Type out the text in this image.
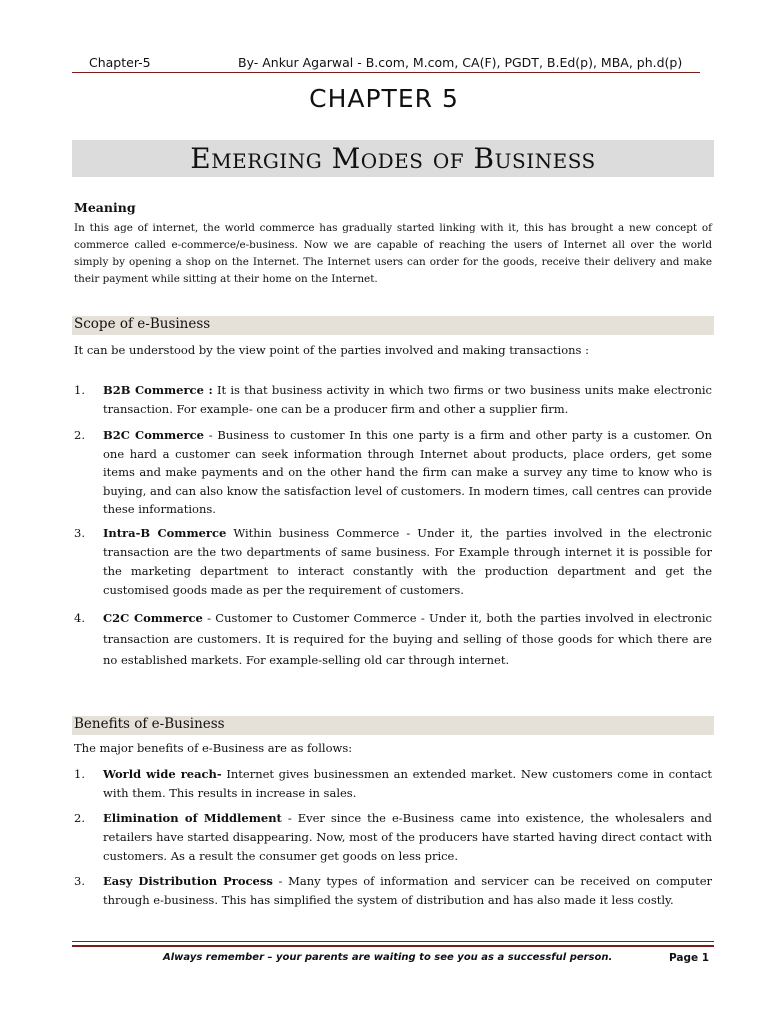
Chapter-5	By- Ankur Agarwal - B.com, M.com, CA(F), PGDT, B.Ed(p), MBA, ph.d(p)
CHAPTER 5
Emerging Modes of Business
Meaning
In this age of internet, the world commerce has gradually started linking with it, this has brought a new concept of commerce called e-commerce/e-business. Now we are capable of reaching the users of Internet all over the world simply by opening a shop on the Internet. The Internet users can order for the goods, receive their delivery and make their payment while sitting at their home on the Internet.
Scope of e-Business
It can be understood by the view point of the parties involved and making transactions :
1. B2B Commerce : It is that business activity in which two firms or two business units make electronic transaction. For example- one can be a producer firm and other a supplier firm.
2. B2C Commerce - Business to customer In this one party is a firm and other party is a customer. On one hard a customer can seek information through Internet about products, place orders, get some items and make payments and on the other hand the firm can make a survey any time to know who is buying, and can also know the satisfaction level of customers. In modern times, call centres can provide these informations.
3. Intra-B Commerce Within business Commerce - Under it, the parties involved in the electronic transaction are the two departments of same business. For Example through internet it is possible for the marketing department to interact constantly with the production department and get the customised goods made as per the requirement of customers.
4. C2C Commerce - Customer to Customer Commerce - Under it, both the parties involved in electronic transaction are customers. It is required for the buying and selling of those goods for which there are no established markets. For example-selling old car through internet.
Benefits of e-Business
The major benefits of e-Business are as follows:
1. World wide reach- Internet gives businessmen an extended market. New customers come in contact with them. This results in increase in sales.
2. Elimination of Middlement - Ever since the e-Business came into existence, the wholesalers and retailers have started disappearing. Now, most of the producers have started having direct contact with customers. As a result the consumer get goods on less price.
3. Easy Distribution Process - Many types of information and servicer can be received on computer through e-business. This has simplified the system of distribution and has also made it less costly.
Always remember – your parents are waiting to see you as a successful person.	Page 1
